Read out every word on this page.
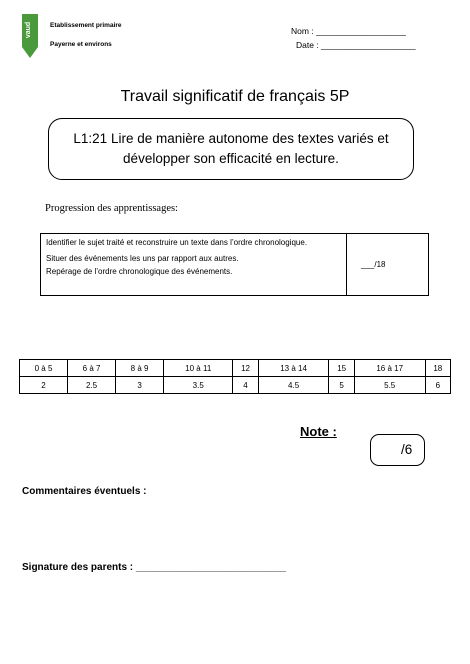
vaud	Etablissement primaire
Payerne et environs
Nom : ___________________
Date : ____________________
Travail significatif de français 5P
L1:21 Lire de manière autonome des textes variés et développer son efficacité en lecture.
Progression des apprentissages:
Identifier le sujet traité et reconstruire un texte dans l’ordre chronologique.
Situer des événements les uns par rapport aux autres.
Repérage de l’ordre chronologique des événements.
___/18
0 à 5	6 à 7	8 à 9	10 à 11	12	13 à 14	15	16 à 17	18
2	2.5	3	3.5	4	4.5	5	5.5	6
Note :
/6
Commentaires éventuels :
Signature des parents : ___________________________
